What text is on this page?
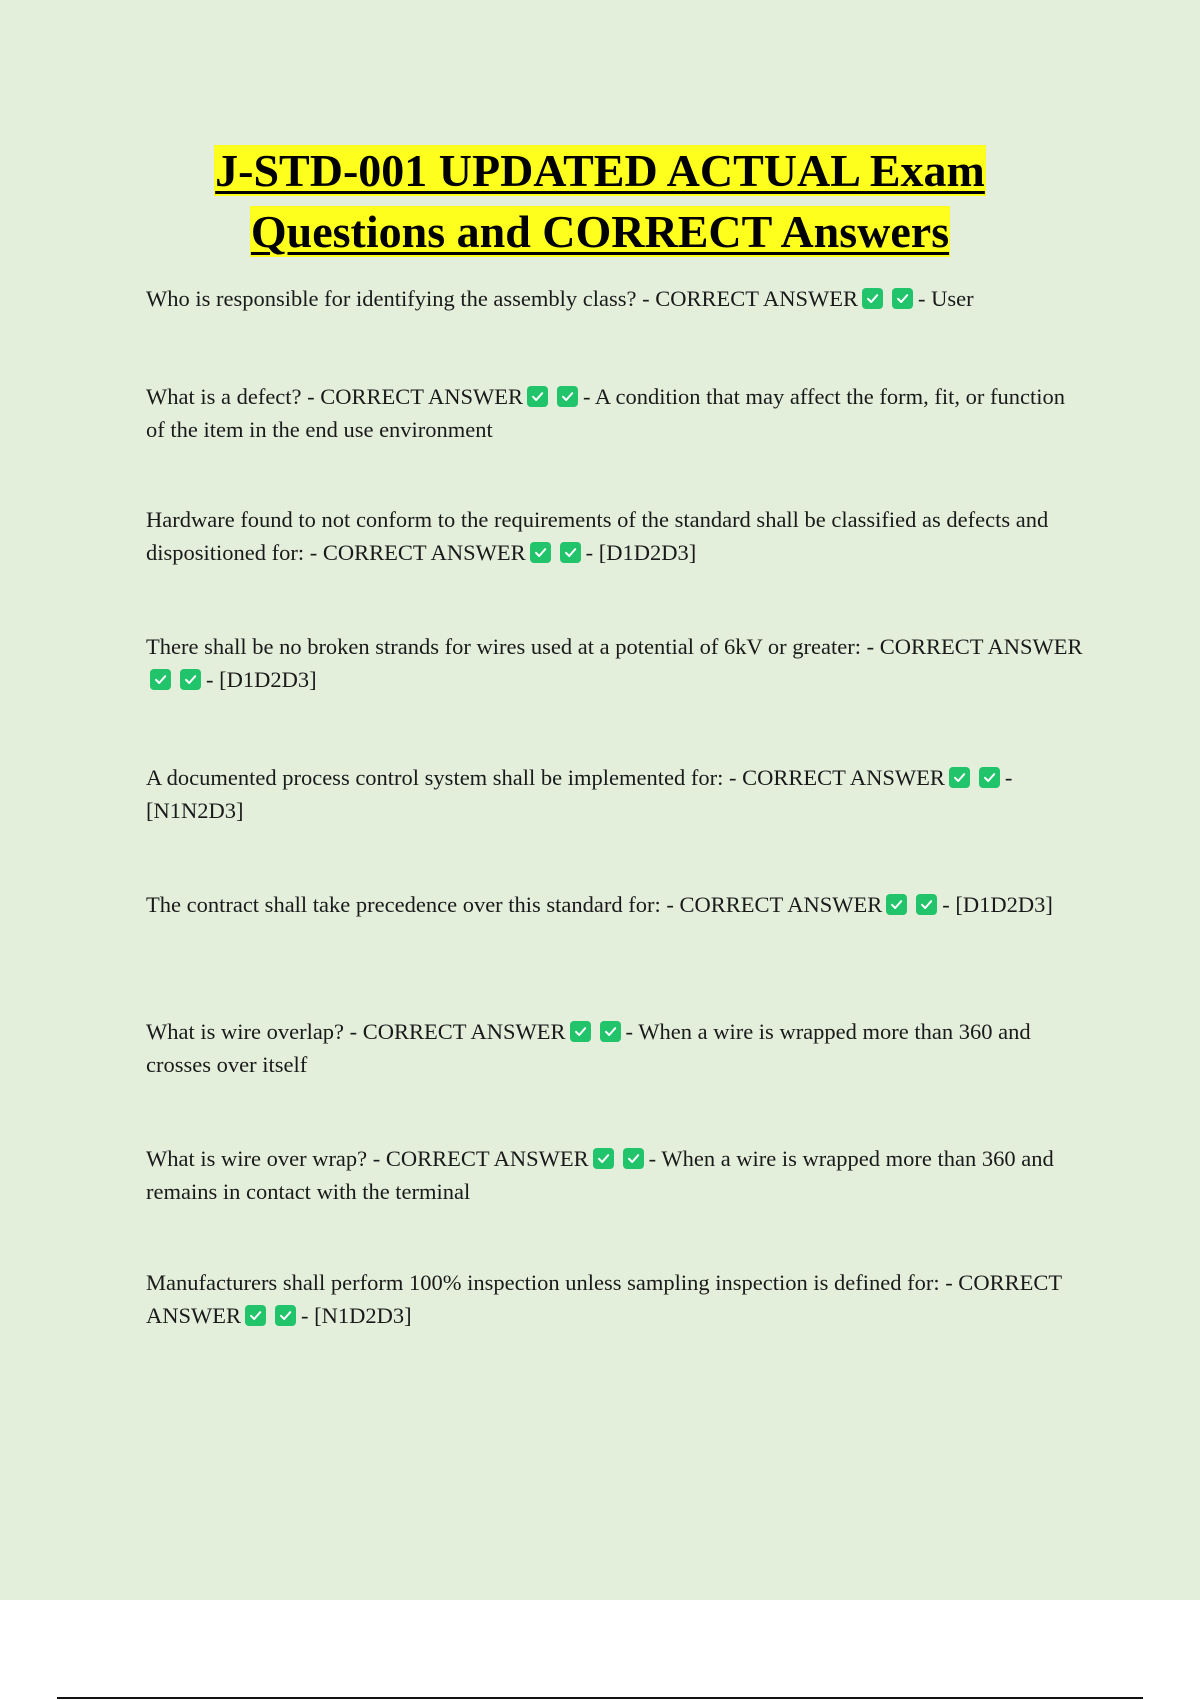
J-STD-001 UPDATED ACTUAL Exam
Questions and CORRECT Answers

Who is responsible for identifying the assembly class? - CORRECT ANSWER	- User

What is a defect? - CORRECT ANSWER	- A condition that may affect the form, fit, or function of the item in the end use environment

Hardware found to not conform to the requirements of the standard shall be classified as defects and dispositioned for: - CORRECT ANSWER	- [D1D2D3]

There shall be no broken strands for wires used at a potential of 6kV or greater: - CORRECT ANSWER
- [D1D2D3]

A documented process control system shall be implemented for: - CORRECT ANSWER	- [N1N2D3]

The contract shall take precedence over this standard for: - CORRECT ANSWER	- [D1D2D3]

What is wire overlap? - CORRECT ANSWER	- When a wire is wrapped more than 360 and crosses over itself

What is wire over wrap? - CORRECT ANSWER	- When a wire is wrapped more than 360 and remains in contact with the terminal

Manufacturers shall perform 100% inspection unless sampling inspection is defined for: - CORRECT ANSWER	- [N1D2D3]
